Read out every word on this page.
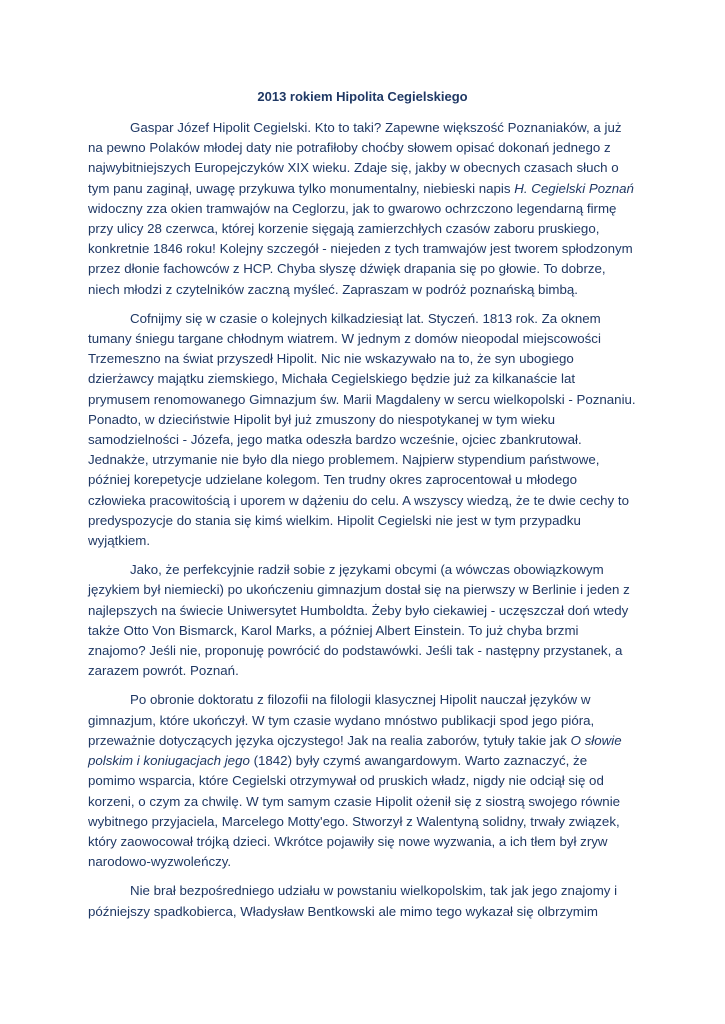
2013 rokiem Hipolita Cegielskiego

Gaspar Józef Hipolit Cegielski. Kto to taki? Zapewne większość Poznaniaków, a już na pewno Polaków młodej daty nie potrafiłoby choćby słowem opisać dokonań jednego z najwybitniejszych Europejczyków XIX wieku. Zdaje się, jakby w obecnych czasach słuch o tym panu zaginął, uwagę przykuwa tylko monumentalny, niebieski napis H. Cegielski Poznań widoczny zza okien tramwajów na Ceglorzu, jak to gwarowo ochrzczono legendarną firmę przy ulicy 28 czerwca, której korzenie sięgają zamierzchłych czasów zaboru pruskiego, konkretnie 1846 roku! Kolejny szczegół - niejeden z tych tramwajów jest tworem spłodzonym przez dłonie fachowców z HCP. Chyba słyszę dźwięk drapania się po głowie. To dobrze, niech młodzi z czytelników zaczną myśleć. Zapraszam w podróż poznańską bimbą.

Cofnijmy się w czasie o kolejnych kilkadziesiąt lat. Styczeń. 1813 rok. Za oknem tumany śniegu targane chłodnym wiatrem. W jednym z domów nieopodal miejscowości Trzemeszno na świat przyszedł Hipolit. Nic nie wskazywało na to, że syn ubogiego dzierżawcy majątku ziemskiego, Michała Cegielskiego będzie już za kilkanaście lat prymusem renomowanego Gimnazjum św. Marii Magdaleny w sercu wielkopolski - Poznaniu. Ponadto, w dzieciństwie Hipolit był już zmuszony do niespotykanej w tym wieku samodzielności - Józefa, jego matka odeszła bardzo wcześnie, ojciec zbankrutował. Jednakże, utrzymanie nie było dla niego problemem. Najpierw stypendium państwowe, później korepetycje udzielane kolegom. Ten trudny okres zaprocentował u młodego człowieka pracowitością i uporem w dążeniu do celu. A wszyscy wiedzą, że te dwie cechy to predyspozycje do stania się kimś wielkim. Hipolit Cegielski nie jest w tym przypadku wyjątkiem.

Jako, że perfekcyjnie radził sobie z językami obcymi (a wówczas obowiązkowym językiem był niemiecki) po ukończeniu gimnazjum dostał się na pierwszy w Berlinie i jeden z najlepszych na świecie Uniwersytet Humboldta. Żeby było ciekawiej - uczęszczał doń wtedy także Otto Von Bismarck, Karol Marks, a później Albert Einstein. To już chyba brzmi znajomo? Jeśli nie, proponuję powrócić do podstawówki. Jeśli tak - następny przystanek, a zarazem powrót. Poznań.

Po obronie doktoratu z filozofii na filologii klasycznej Hipolit nauczał języków w gimnazjum, które ukończył. W tym czasie wydano mnóstwo publikacji spod jego pióra, przeważnie dotyczących języka ojczystego! Jak na realia zaborów, tytuły takie jak O słowie polskim i koniugacjach jego (1842) były czymś awangardowym. Warto zaznaczyć, że pomimo wsparcia, które Cegielski otrzymywał od pruskich władz, nigdy nie odciął się od korzeni, o czym za chwilę. W tym samym czasie Hipolit ożenił się z siostrą swojego równie wybitnego przyjaciela, Marcelego Motty'ego. Stworzył z Walentyną solidny, trwały związek, który zaowocował trójką dzieci. Wkrótce pojawiły się nowe wyzwania, a ich tłem był zryw narodowo-wyzwoleńczy.

Nie brał bezpośredniego udziału w powstaniu wielkopolskim, tak jak jego znajomy i późniejszy spadkobierca, Władysław Bentkowski ale mimo tego wykazał się olbrzymim
